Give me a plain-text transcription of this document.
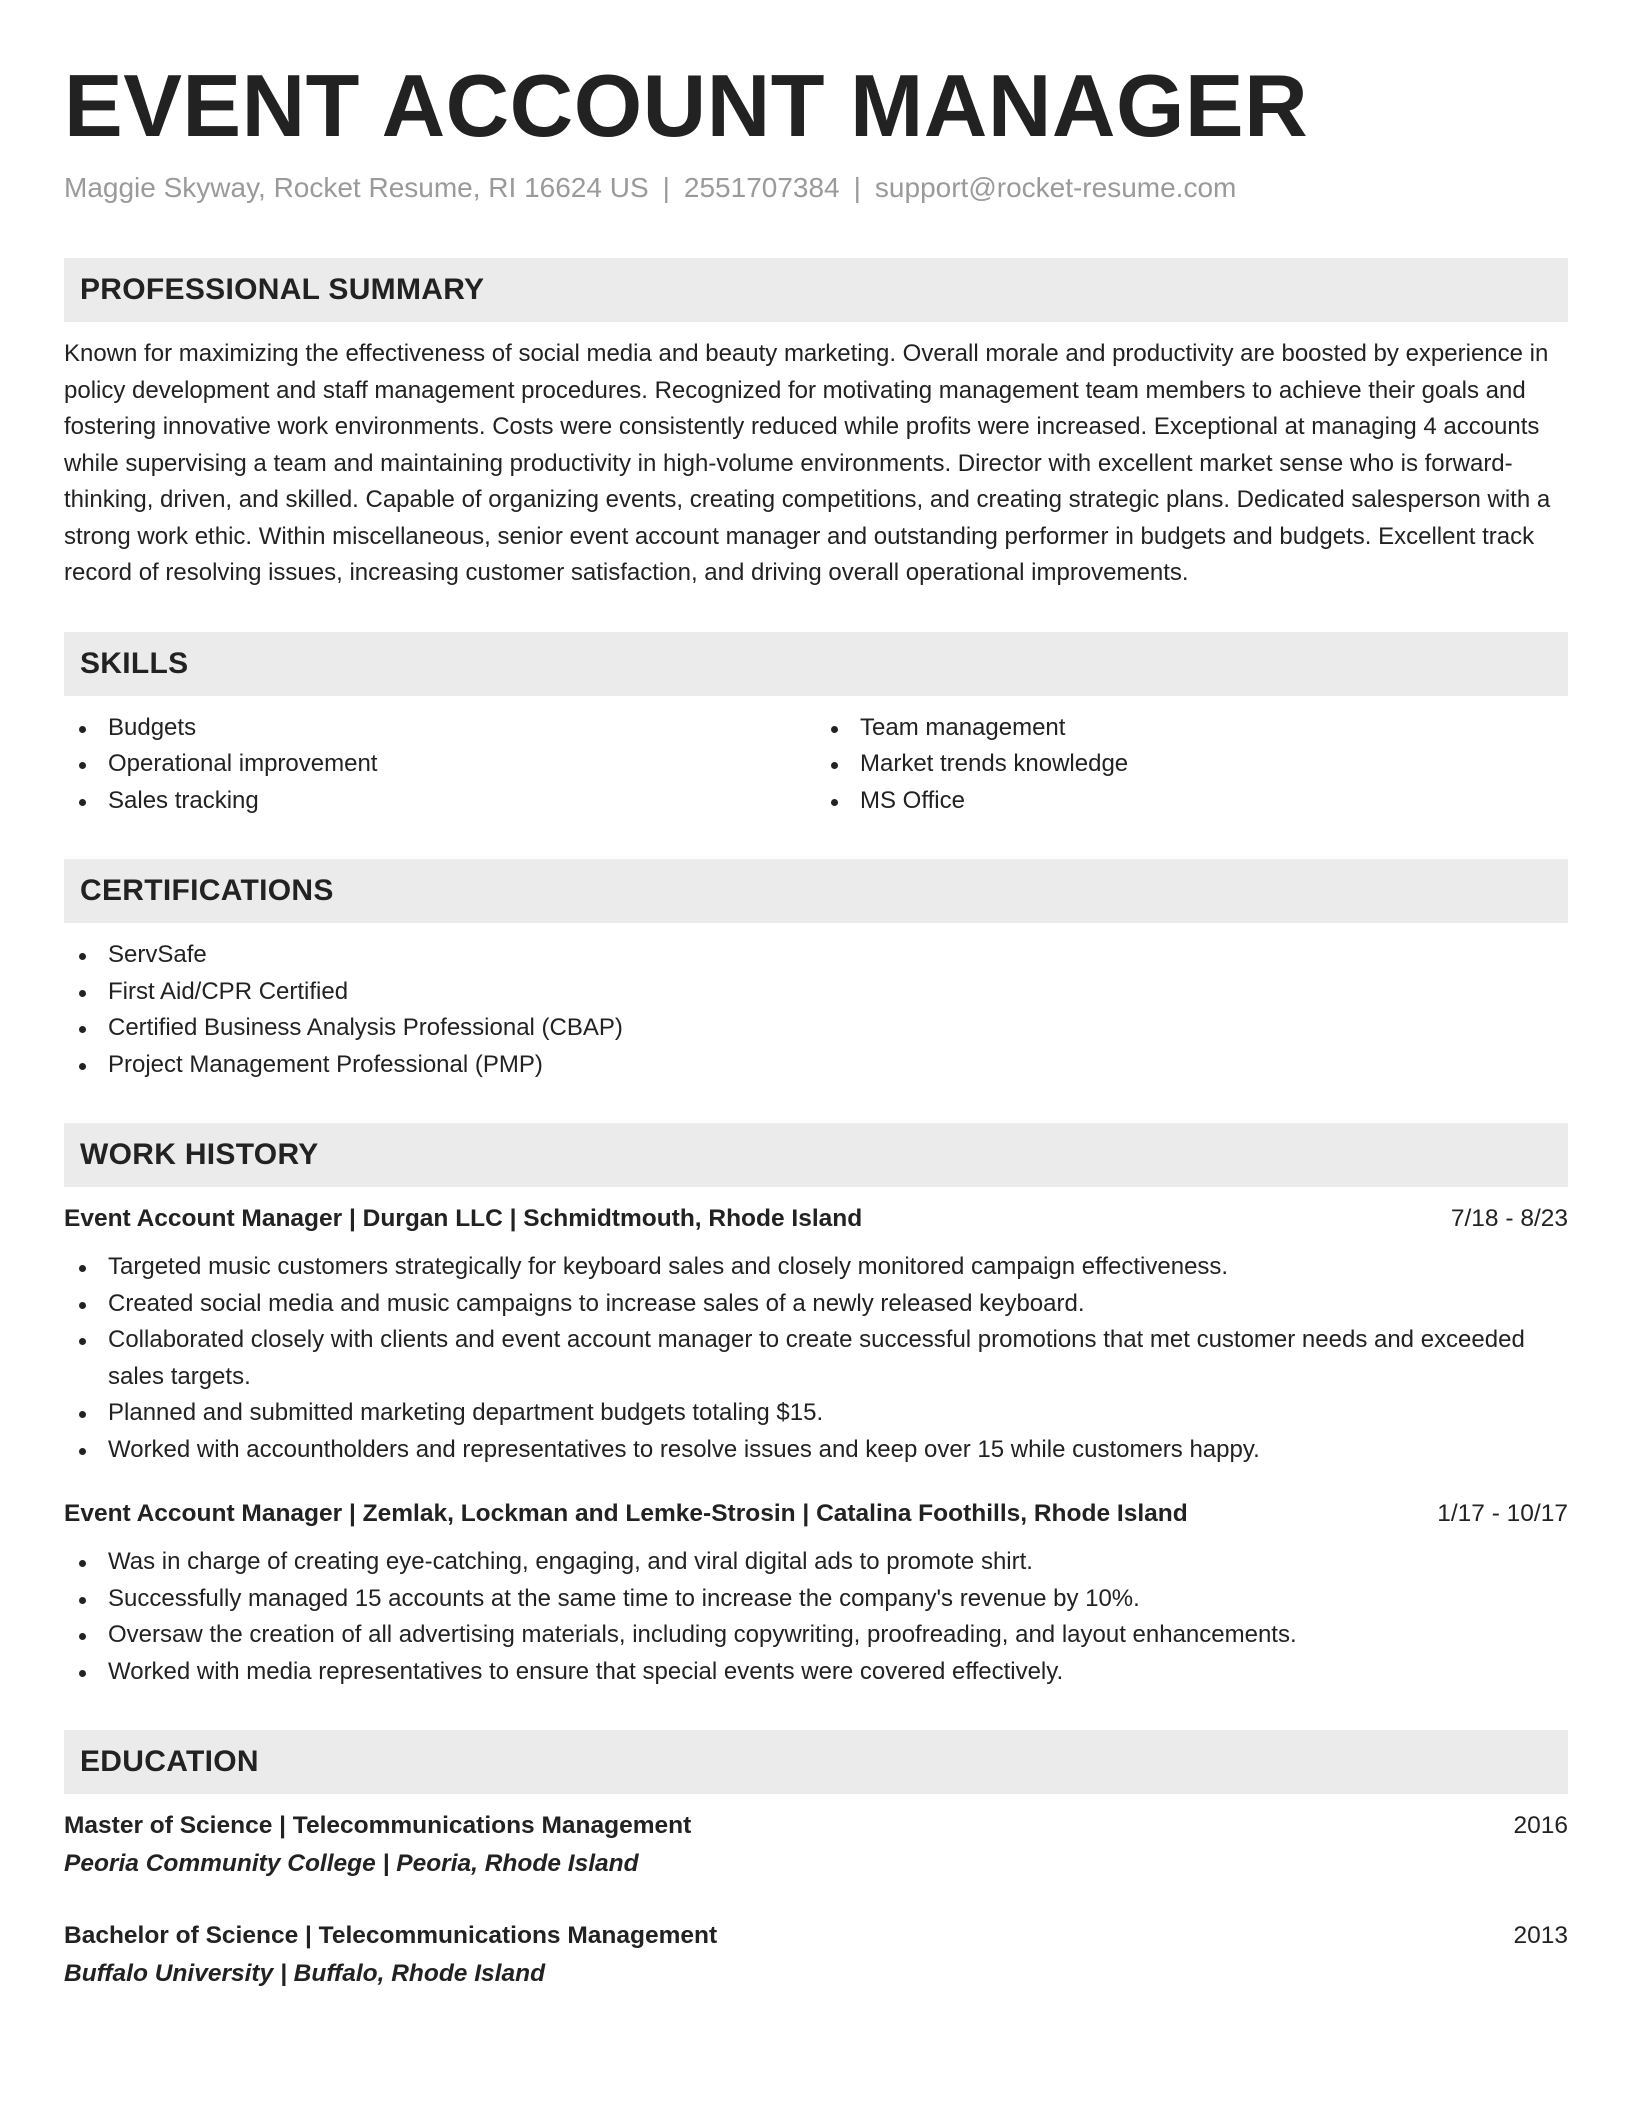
EVENT ACCOUNT MANAGER
Maggie Skyway, Rocket Resume, RI 16624 US | 2551707384 | support@rocket-resume.com
PROFESSIONAL SUMMARY

Known for maximizing the effectiveness of social media and beauty marketing. Overall morale and productivity are boosted by experience in policy development and staff management procedures. Recognized for motivating management team members to achieve their goals and fostering innovative work environments. Costs were consistently reduced while profits were increased. Exceptional at managing 4 accounts while supervising a team and maintaining productivity in high-volume environments. Director with excellent market sense who is forward-thinking, driven, and skilled. Capable of organizing events, creating competitions, and creating strategic plans. Dedicated salesperson with a strong work ethic. Within miscellaneous, senior event account manager and outstanding performer in budgets and budgets. Excellent track record of resolving issues, increasing customer satisfaction, and driving overall operational improvements.

SKILLS
Budgets
Operational improvement
Sales tracking
Team management
Market trends knowledge
MS Office
CERTIFICATIONS
ServSafe
First Aid/CPR Certified
Certified Business Analysis Professional (CBAP)
Project Management Professional (PMP)
WORK HISTORY
Event Account Manager | Durgan LLC | Schmidtmouth, Rhode Island	7/18 - 8/23
Targeted music customers strategically for keyboard sales and closely monitored campaign effectiveness.
Created social media and music campaigns to increase sales of a newly released keyboard.
Collaborated closely with clients and event account manager to create successful promotions that met customer needs and exceeded sales targets.
Planned and submitted marketing department budgets totaling $15.
Worked with accountholders and representatives to resolve issues and keep over 15 while customers happy.
Event Account Manager | Zemlak, Lockman and Lemke-Strosin | Catalina Foothills, Rhode Island	1/17 - 10/17
Was in charge of creating eye-catching, engaging, and viral digital ads to promote shirt.
Successfully managed 15 accounts at the same time to increase the company's revenue by 10%.
Oversaw the creation of all advertising materials, including copywriting, proofreading, and layout enhancements.
Worked with media representatives to ensure that special events were covered effectively.
EDUCATION
Master of Science | Telecommunications Management	2016
Peoria Community College | Peoria, Rhode Island
Bachelor of Science | Telecommunications Management	2013
Buffalo University | Buffalo, Rhode Island
